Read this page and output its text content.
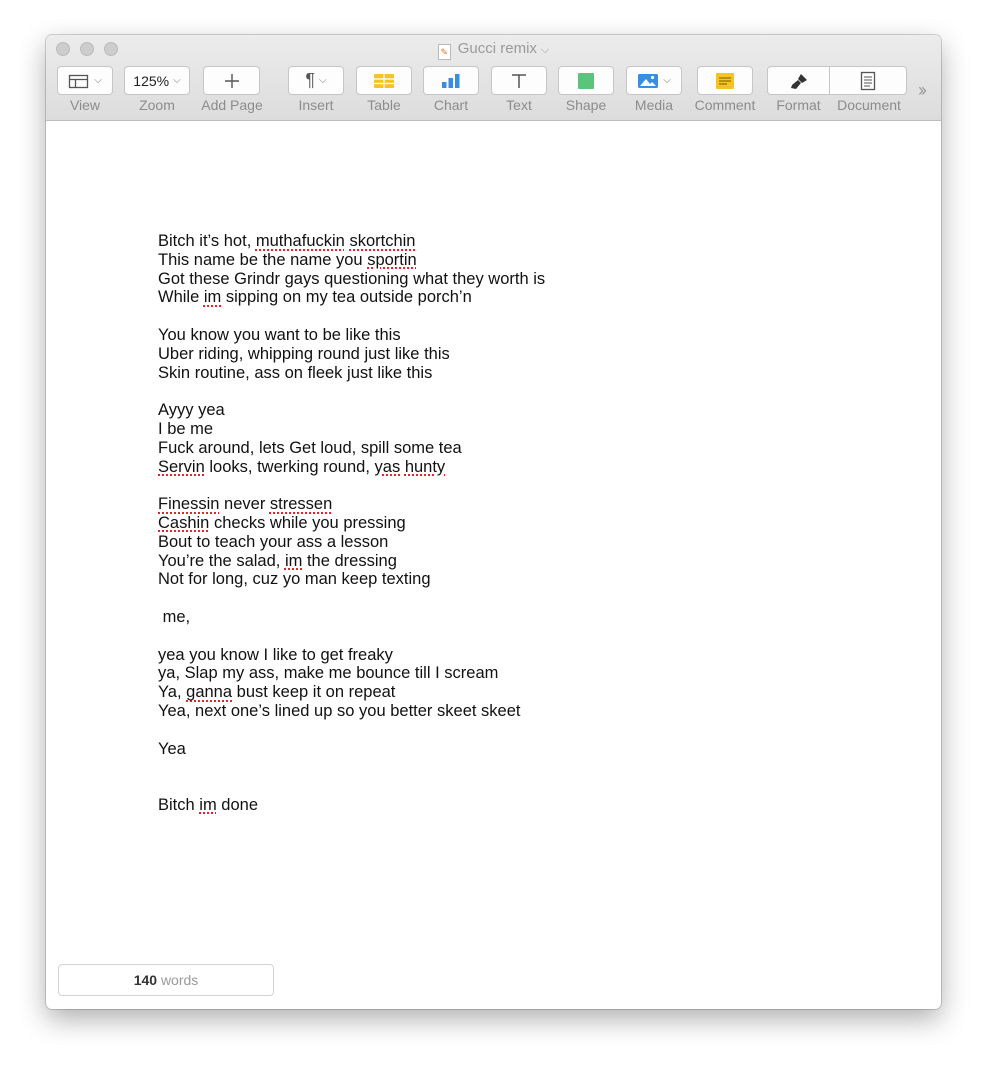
✎ Gucci remix ⌵
⌵
View
125% ⌵
Zoom	Add Page
¶ ⌵
Insert	Table	Chart	Text	Shape
⌵
Media	Comment	Format	Document
››
Bitch it’s hot, muthafuckin skortchin
This name be the name you sportin
Got these Grindr gays questioning what they worth is
While im sipping on my tea outside porch’n
You know you want to be like this
Uber riding, whipping round just like this
Skin routine, ass on fleek just like this
Ayyy yea
I be me
Fuck around, lets Get loud, spill some tea
Servin looks, twerking round, yas hunty
Finessin never stressen
Cashin checks while you pressing
Bout to teach your ass a lesson
You’re the salad, im the dressing
Not for long, cuz yo man keep texting
me,
yea you know I like to get freaky
ya, Slap my ass, make me bounce till I scream
Ya, ganna bust keep it on repeat
Yea, next one’s lined up so you better skeet skeet
Yea
Bitch im done
140 words
